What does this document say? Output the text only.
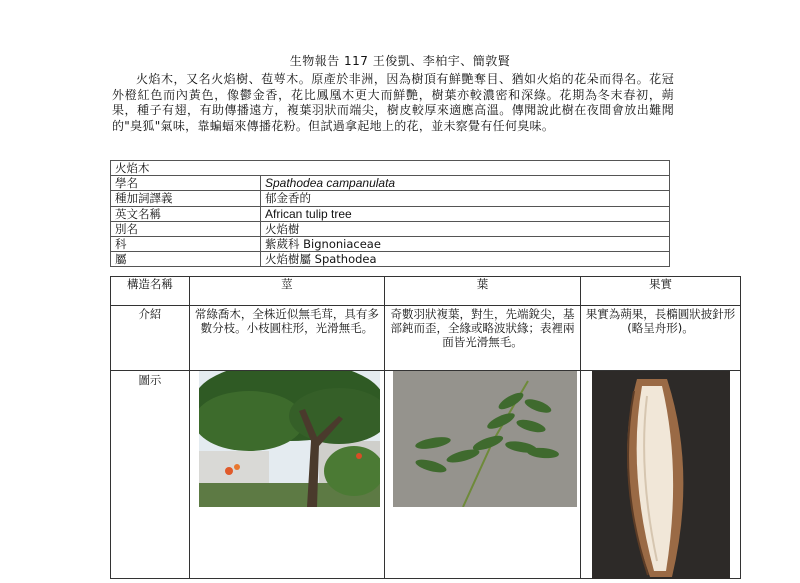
生物報告 117 王俊凱、李柏宇、簡敦賢

火焰木，又名火焰樹、苞萼木。原產於非洲，因為樹頂有鮮艷奪目、猶如火焰的花朵而得名。花冠外橙紅色而內黃色，像鬱金香，花比鳳凰木更大而鮮艷，樹葉亦較濃密和深綠。花期為冬末春初，蒴果，種子有翅，有助傳播遠方，複葉羽狀而端尖，樹皮較厚來適應高溫。傳聞說此樹在夜間會放出難聞的"臭狐"氣味，靠蝙蝠來傳播花粉。但試過拿起地上的花，並未察覺有任何臭味。

火焰木	
學名	Spathodea campanulata
種加詞譯義	郁金香的
英文名稱	African tulip tree
別名	火焰樹
科	紫葳科 Bignoniaceae
屬	火焰樹屬 Spathodea
構造名稱	莖	葉	果實
介紹	常綠喬木，全株近似無毛茸，具有多數分枝。小枝圓柱形，光滑無毛。	奇數羽狀複葉，對生，先端銳尖，基部鈍而歪，全緣或略波狀緣；表裡兩面皆光滑無毛。	果實為蒴果，長橢圓狀披針形(略呈舟形)。
圖示			
